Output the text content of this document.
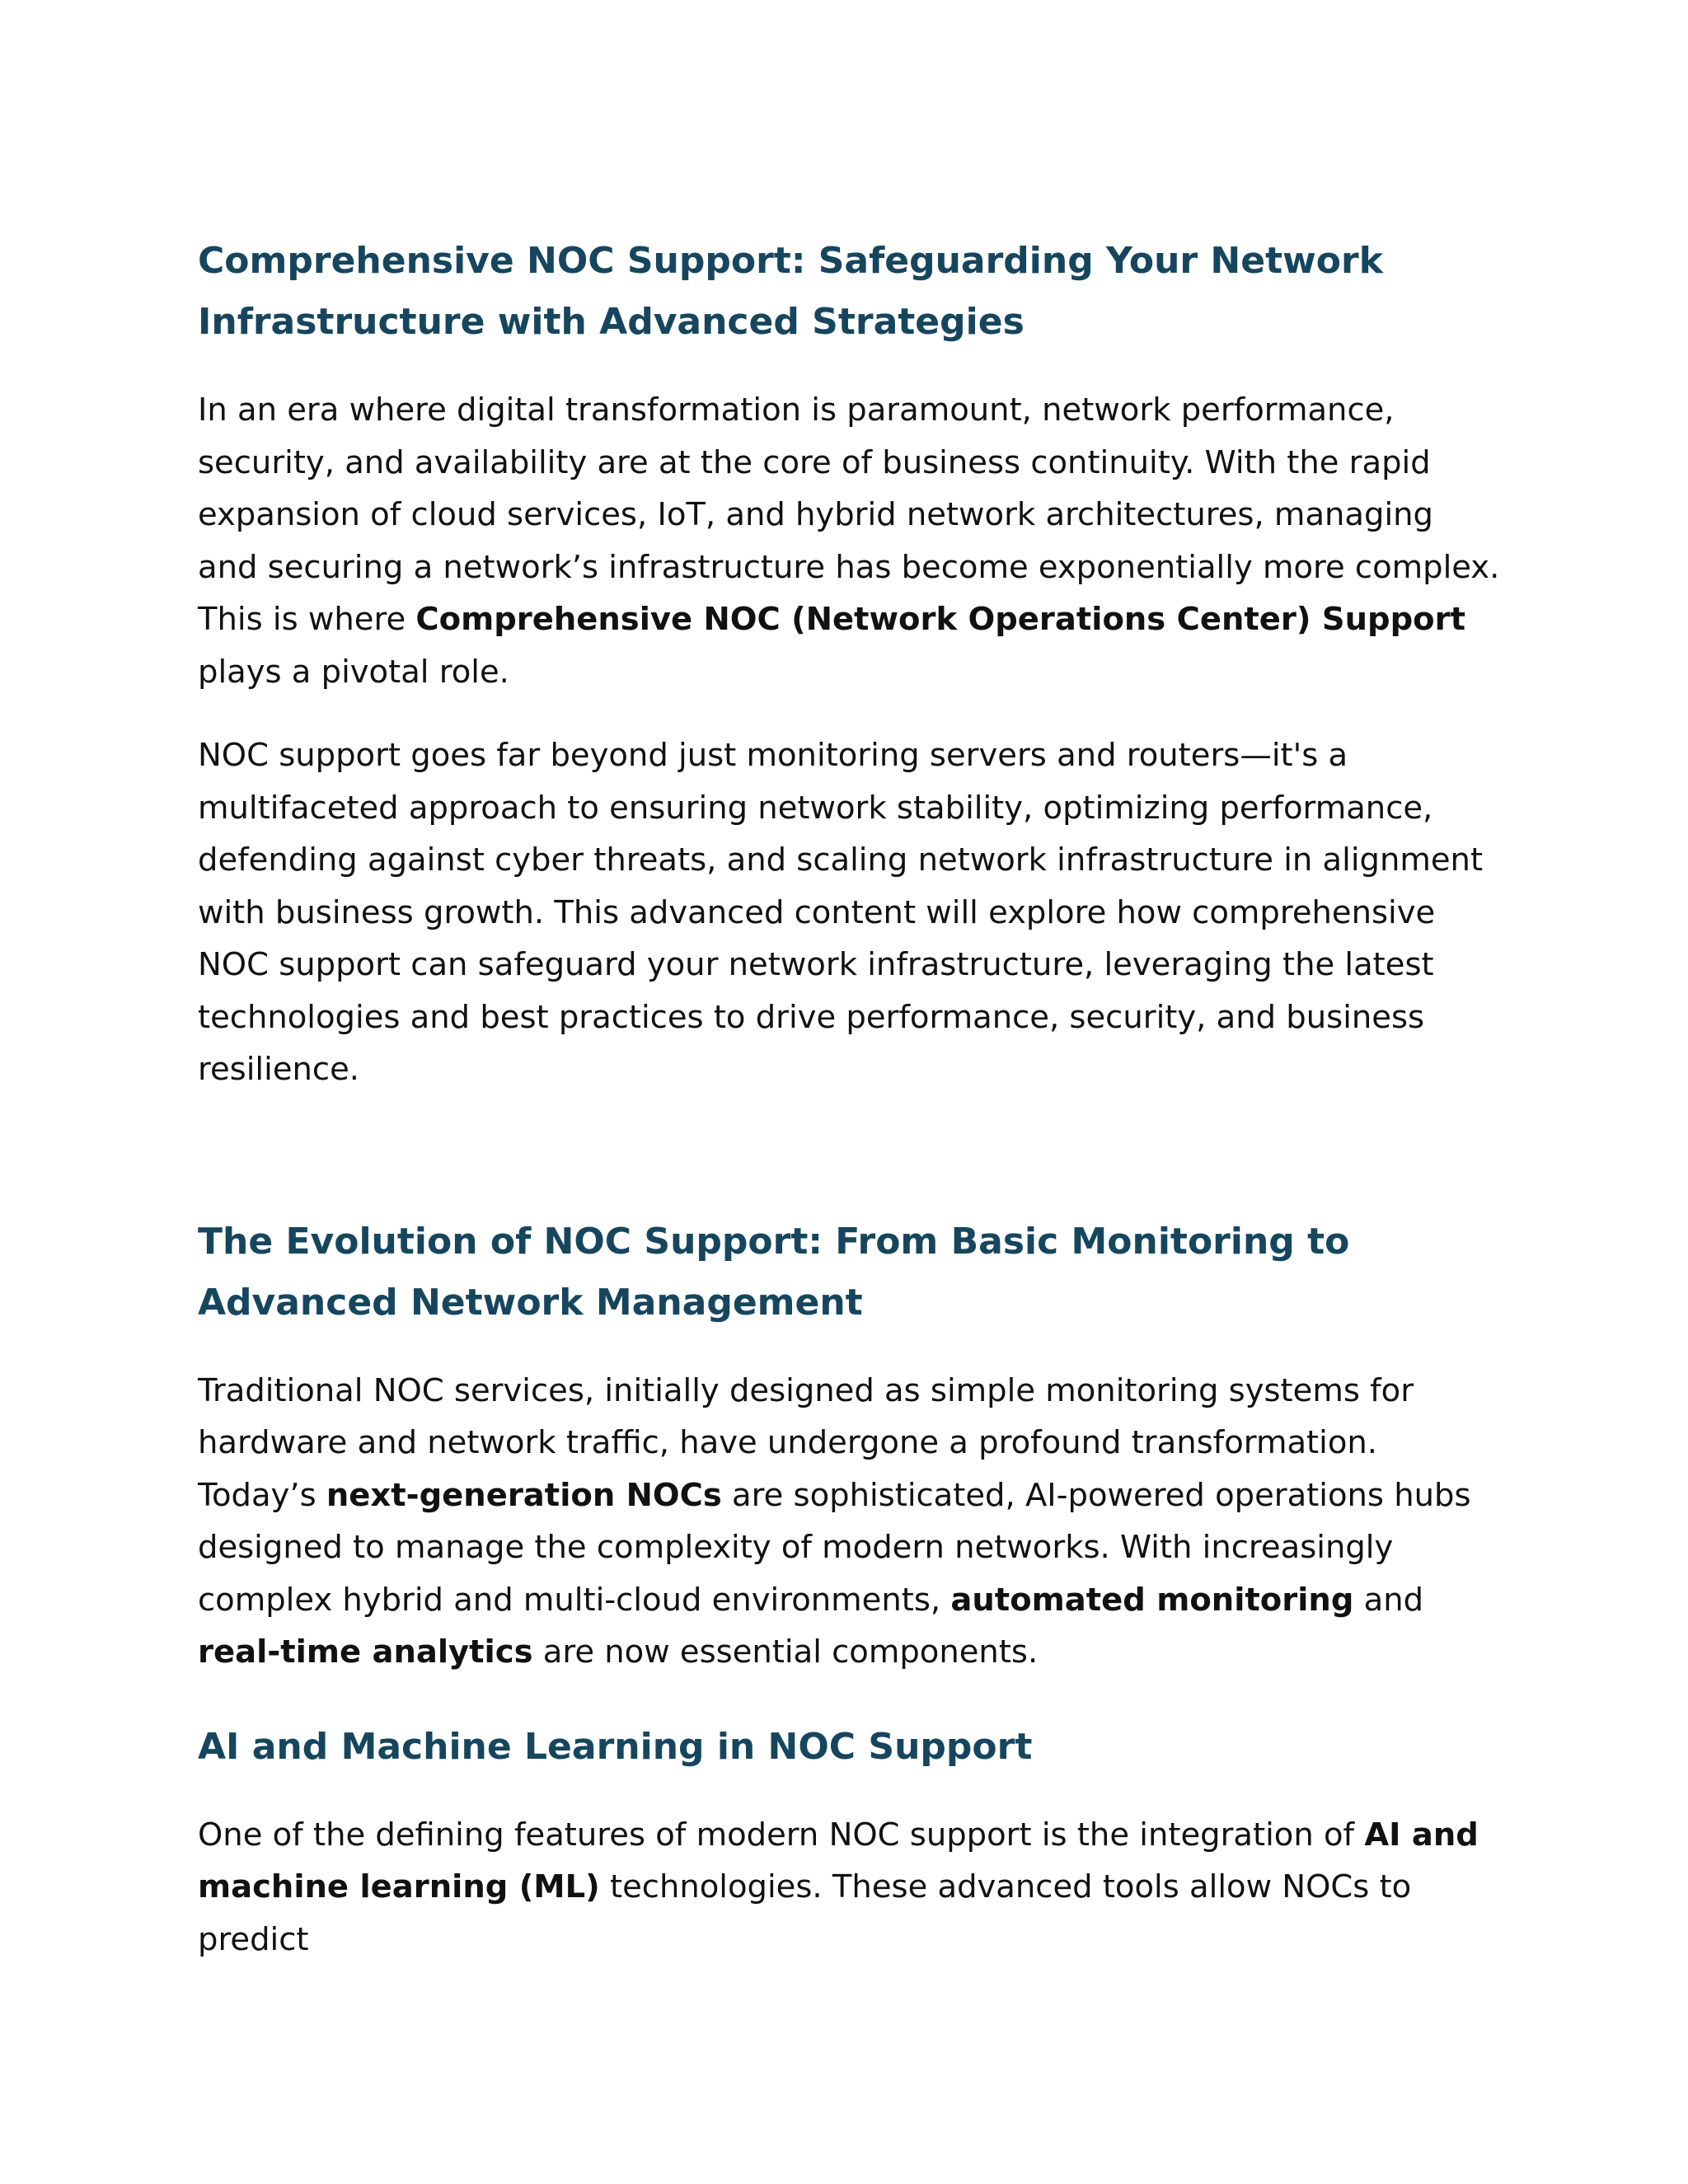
Comprehensive NOC Support: Safeguarding Your Network Infrastructure with Advanced Strategies

In an era where digital transformation is paramount, network performance, security, and availability are at the core of business continuity. With the rapid expansion of cloud services, IoT, and hybrid network architectures, managing and securing a network’s infrastructure has become exponentially more complex. This is where Comprehensive NOC (Network Operations Center) Support plays a pivotal role.

NOC support goes far beyond just monitoring servers and routers—it's a multifaceted approach to ensuring network stability, optimizing performance, defending against cyber threats, and scaling network infrastructure in alignment with business growth. This advanced content will explore how comprehensive NOC support can safeguard your network infrastructure, leveraging the latest technologies and best practices to drive performance, security, and business resilience.

The Evolution of NOC Support: From Basic Monitoring to Advanced Network Management

Traditional NOC services, initially designed as simple monitoring systems for hardware and network traffic, have undergone a profound transformation. Today’s next-generation NOCs are sophisticated, AI-powered operations hubs designed to manage the complexity of modern networks. With increasingly complex hybrid and multi-cloud environments, automated monitoring and real-time analytics are now essential components.

AI and Machine Learning in NOC Support

One of the defining features of modern NOC support is the integration of AI and machine learning (ML) technologies. These advanced tools allow NOCs to predict
